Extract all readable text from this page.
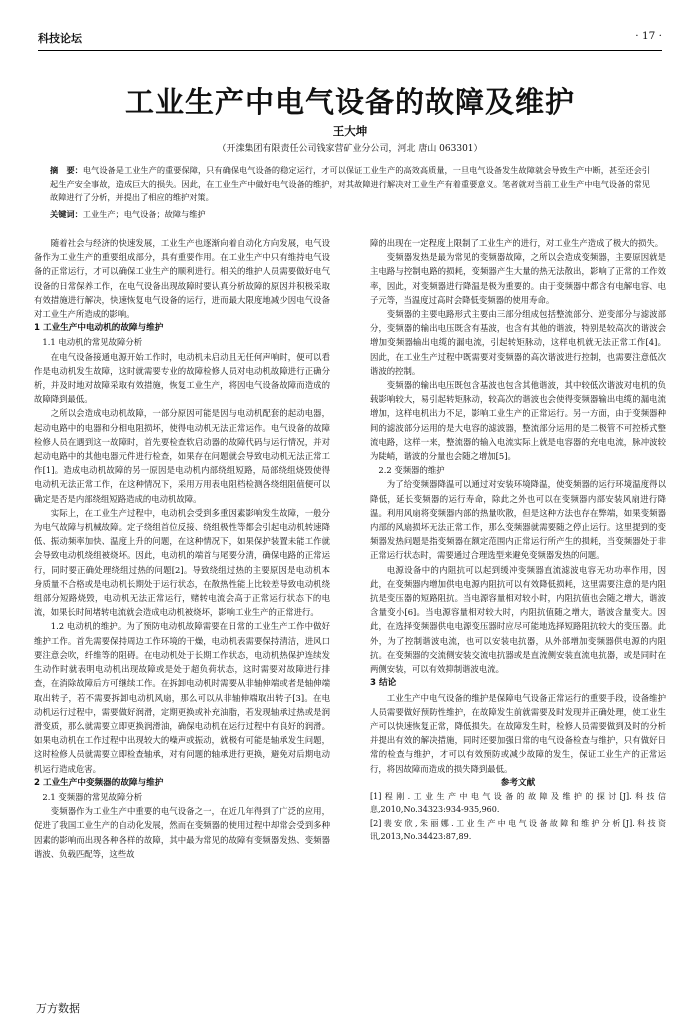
科技论坛	· 17 ·
工业生产中电气设备的故障及维护
王大坤
（开滦集团有限责任公司钱家营矿业分公司，河北 唐山 063301）
摘　要：电气设备是工业生产的重要保障，只有确保电气设备的稳定运行，才可以保证工业生产的高效高质量，一旦电气设备发生故障就会导致生产中断，甚至还会引起生产安全事故，造成巨大的损失。因此，在工业生产中做好电气设备的维护，对其故障进行解决对工业生产有着重要意义。笔者就对当前工业生产中电气设备的常见故障进行了分析，并提出了相应的维护对策。
关键词：工业生产；电气设备；故障与维护

随着社会与经济的快速发展，工业生产也逐渐向着自动化方向发展，电气设备作为工业生产的重要组成部分，具有重要作用。在工业生产中只有维持电气设备的正常运行，才可以确保工业生产的顺利进行。相关的维护人员需要做好电气设备的日常保养工作，在电气设备出现故障时要认真分析故障的原因并积极采取有效措施进行解决，快速恢复电气设备的运行，进而最大限度地减少因电气设备对工业生产所造成的影响。

1 工业生产中电动机的故障与维护
1.1 电动机的常见故障分析

在电气设备接通电源开始工作时，电动机未启动且无任何声响时，便可以看作是电动机发生故障，这时就需要专业的故障检修人员对电动机故障进行正确分析，并及时地对故障采取有效措施，恢复工业生产，将因电气设备故障而造成的故障降到最低。

之所以会造成电动机故障，一部分原因可能是因与电动机配套的起动电器，起动电路中的电器和分相电阻损坏，使得电动机无法正常运作。电气设备的故障检修人员在遇到这一故障时，首先要检查软启动器的故障代码与运行情况，并对起动电路中的其他电器元件进行检查，如果存在问题就会导致电动机无法正常工作[1]。造成电动机故障的另一原因是电动机内部绕组短路，局部绕组烧毁使得电动机无法正常工作，在这种情况下，采用万用表电阻档检测各绕组阻值便可以确定是否是内部绕组短路造成的电动机故障。

实际上，在工业生产过程中，电动机会受到多重因素影响发生故障，一般分为电气故障与机械故障。定子绕组首位反接、绕组极性等都会引起电动机转速降低、振动频率加快、温度上升的问题，在这种情况下，如果保护装置未能工作就会导致电动机绕组被烧坏。因此，电动机的端首与尾要分清，确保电路的正常运行，同时要正确处理绕组过热的问题[2]。导致绕组过热的主要原因是电动机本身质量不合格或是电动机长期处于运行状态，在散热性能上比较差导致电动机绕组部分短路烧毁，电动机无法正常运行，赌转电流会高于正常运行状态下的电流，如果长时间堵转电流就会造成电动机被烧坏，影响工业生产的正常进行。

1.2 电动机的维护。为了预防电动机故障需要在日常的工业生产工作中做好维护工作。首先需要保持周边工作环境的干燥，电动机表需要保持清洁，进风口要注意会吹，纤维等的阻碍。在电动机处于长期工作状态，电动机热保护连续发生动作时就表明电动机出现故障或是处于超负荷状态，这时需要对故障进行排查，在消除故障后方可继续工作。在拆卸电动机时需要从非轴伸端或者是轴伸端取出转子，若不需要拆卸电动机风扇，那么可以从非轴伸端取出转子[3]。在电动机运行过程中，需要做好润滑，定期更换或补充油脂，若发现轴承过热或是润滑变质，那么就需要立即更换润滑油，确保电动机在运行过程中有良好的润滑。如果电动机在工作过程中出现较大的噪声或振动，就极有可能是轴承发生问题，这时检修人员就需要立即检查轴承，对有问题的轴承进行更换，避免对后期电动机运行造成危害。

2 工业生产中变频器的故障与维护
2.1 变频器的常见故障分析

变频器作为工业生产中重要的电气设备之一，在近几年得到了广泛的应用，促进了我国工业生产的自动化发展，然而在变频器的使用过程中却常会受到多种因素的影响而出现各种各样的故障，其中最为常见的故障有变频器发热、变频器谐波、负载匹配等，这些故

障的出现在一定程度上限制了工业生产的进行，对工业生产造成了极大的损失。

变频器发热是最为常见的变频器故障，之所以会造成变频器，主要原因就是主电路与控制电路的损耗，变频器产生大量的热无法散出，影响了正常的工作效率，因此，对变频器进行降温是极为重要的。由于变频器中都含有电解电容、电子元等，当温度过高时会降低变频器的使用寿命。

变频器的主要电路形式主要由三部分组成包括整流部分、逆变部分与滤波部分，变频器的输出电压既含有基波，也含有其他的谐波，特别是较高次的谐波会增加变频器输出电缆的漏电流，引起转矩脉动，这样电机就无法正常工作[4]。因此，在工业生产过程中既需要对变频器的高次谐波进行控制，也需要注意低次谐波的控制。

变频器的输出电压既包含基波也包含其他谐波，其中较低次谐波对电机的负载影响较大，易引起转矩脉动，较高次的谐波也会使得变频器输出电缆的漏电流增加，这样电机出力不足，影响工业生产的正常运行。另一方面，由于变频器种间的滤波部分运用的是大电容的滤波器，整流部分运用的是二极管不可控桥式整流电路，这样一来，整流器的输入电流实际上就是电容器的充电电流，脉冲波较为陡峭，谐波的分量也会随之增加[5]。

2.2 变频器的维护

为了给变频器降温可以通过对安装环境降温，使变频器的运行环境温度得以降低，延长变频器的运行寿命，除此之外也可以在变频器内部安装风扇进行降温。利用风扇将变频器内部的热量吹散，但是这种方法也存在弊端，如果变频器内部的风扇损坏无法正常工作，那么变频器就需要随之停止运行。这里提到的变频器发热问题是指变频器在额定范围内正常运行所产生的损耗，当变频器处于非正常运行状态时，需要通过合理选型来避免变频器发热的问题。

电源设备中的内阻抗可以起到缓冲变频器直流滤波电容无功功率作用，因此，在变频器内增加供电电源内阻抗可以有效降低损耗，这里需要注意的是内阻抗是变压器的短路阻抗。当电源容量相对较小时，内阻抗值也会随之增大，谐波含量变小[6]。当电源容量相对较大时，内阻抗值随之增大，谐波含量变大。因此，在选择变频器供电电源变压器时应尽可能地选择短路阻抗较大的变压器。此外，为了控制谐波电流，也可以安装电抗器，从外部增加变频器供电源的内阻抗。在变频器的交流侧安装交流电抗器或是直流侧安装直流电抗器，或是同时在两侧安装，可以有效抑制谐波电流。

3 结论

工业生产中电气设备的维护是保障电气设备正常运行的重要手段，设备维护人员需要做好预防性维护，在故障发生前就需要及时发现并正确处理，使工业生产可以快速恢复正常，降低损失。在故障发生时，检修人员需要做到及时的分析并提出有效的解决措施，同时还要加强日常的电气设备检查与维护，只有做好日常的检查与维护，才可以有效预防或减少故障的发生，保证工业生产的正常运行，将因故障而造成的损失降到最低。

参考文献

[1]程刚.工业生产中电气设备的故障及维护的探讨[J].科技信息,2010,No.34323:934-935,960.

[2]裴安欣,朱丽娜.工业生产中电气设备故障和维护分析[J].科技资讯,2013,No.34423:87,89.

万方数据
